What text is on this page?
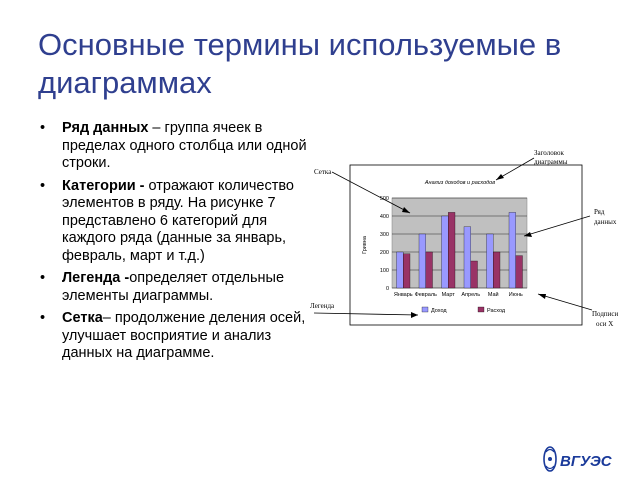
Основные термины используемые в диаграммах
• Ряд данных – группа ячеек в пределах одного столбца или одной строки.
• Категории - отражают количество элементов в ряду. На рисунке 7 представлено 6 категорий для каждого ряда (данные за январь, февраль, март и т.д.)
• Легенда -определяет отдельные элементы диаграммы.
• Сетка– продолжение деления осей, улучшает восприятие и анализ данных на диаграмме.
Анализ доходов и расходов
Гривна
0
100
200
300
400
500
Январь Февраль Март Апрель Май Июнь
Доход	Расход
Сетка
Заголовок
диаграммы
Ряд
данных
Легенда
Подписи
оси X
ВГУЭС
